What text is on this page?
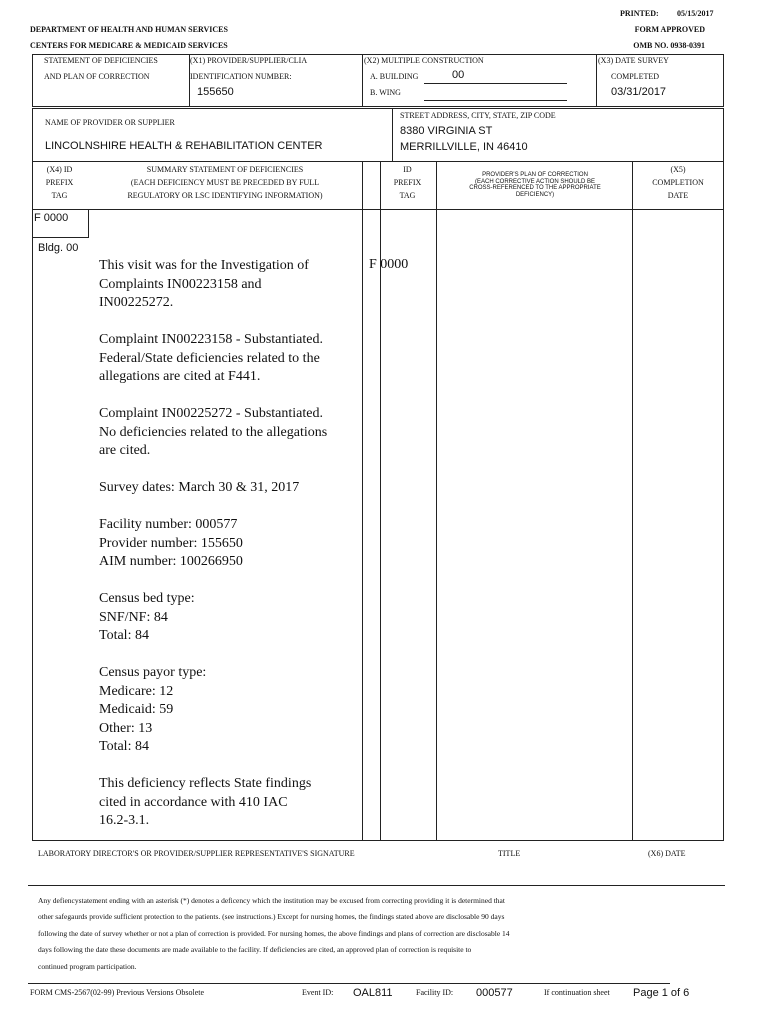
PRINTED: 05/15/2017
DEPARTMENT OF HEALTH AND HUMAN SERVICES
CENTERS FOR MEDICARE & MEDICAID SERVICES
FORM APPROVED
OMB NO. 0938-0391
STATEMENT OF DEFICIENCIES
AND PLAN OF CORRECTION
(X1) PROVIDER/SUPPLIER/CLIA
IDENTIFICATION NUMBER:
155650
(X2) MULTIPLE CONSTRUCTION
A. BUILDING	00
B. WING
(X3) DATE SURVEY
COMPLETED
03/31/2017
NAME OF PROVIDER OR SUPPLIER
LINCOLNSHIRE HEALTH & REHABILITATION CENTER
STREET ADDRESS, CITY, STATE, ZIP CODE
8380 VIRGINIA ST
MERRILLVILLE, IN 46410
(X4) ID
PREFIX
TAG
SUMMARY STATEMENT OF DEFICIENCIES
(EACH DEFICIENCY MUST BE PRECEDED BY FULL
REGULATORY OR LSC IDENTIFYING INFORMATION)
ID
PREFIX
TAG
PROVIDER'S PLAN OF CORRECTION
(EACH CORRECTIVE ACTION SHOULD BE
CROSS-REFERENCED TO THE APPROPRIATE
DEFICIENCY)
(X5)
COMPLETION
DATE
F 0000
Bldg. 00
F 0000
This visit was for the Investigation of
Complaints IN00223158 and
IN00225272.
Complaint IN00223158 - Substantiated.
Federal/State deficiencies related to the
allegations are cited at F441.
Complaint IN00225272 - Substantiated.
No deficiencies related to the allegations
are cited.
Survey dates: March 30 & 31, 2017
Facility number: 000577
Provider number: 155650
AIM number: 100266950
Census bed type:
SNF/NF: 84
Total: 84
Census payor type:
Medicare: 12
Medicaid: 59
Other: 13
Total: 84
This deficiency reflects State findings
cited in accordance with 410 IAC
16.2-3.1.
LABORATORY DIRECTOR'S OR PROVIDER/SUPPLIER REPRESENTATIVE'S SIGNATURE	TITLE	(X6) DATE
Any defiencystatement ending with an asterisk (*) denotes a deficency which the institution may be excused from correcting providing it is determined that
other safegaurds provide sufficient protection to the patients. (see instructions.) Except for nursing homes, the findings stated above are disclosable 90 days
following the date of survey whether or not a plan of correction is provided. For nursing homes, the above findings and plans of correction are disclosable 14
days following the date these documents are made available to the facility. If deficiencies are cited, an approved plan of correction is requisite to
continued program participation.
FORM CMS-2567(02-99) Previous Versions Obsolete	Event ID: OAL811	Facility ID: 000577	If continuation sheet Page 1 of 6
